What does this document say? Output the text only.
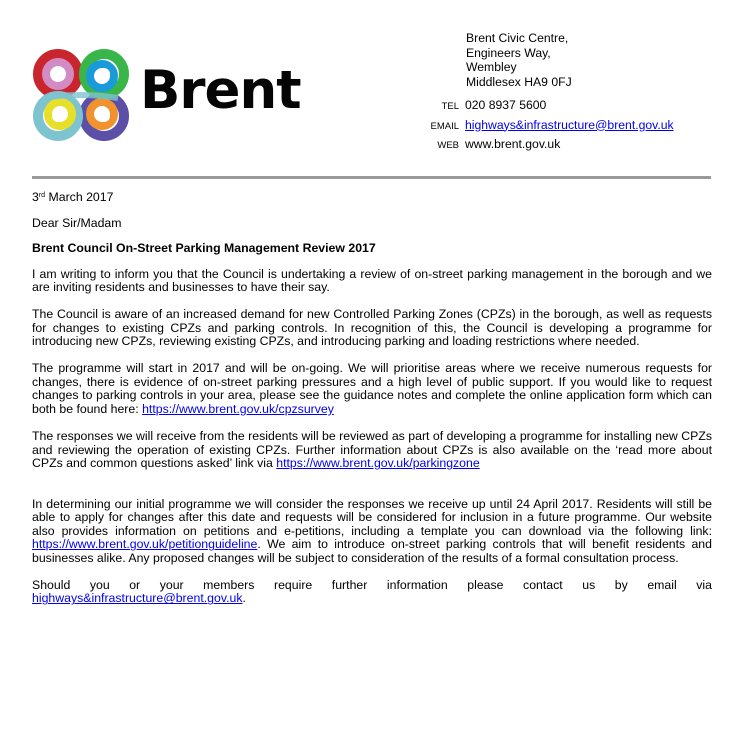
Brent
Brent Civic Centre,
Engineers Way,
Wembley
Middlesex HA9 0FJ
TEL 020 8937 5600
EMAIL highways&infrastructure@brent.gov.uk
WEB www.brent.gov.uk

3rd March 2017

Dear Sir/Madam

Brent Council On-Street Parking Management Review 2017

I am writing to inform you that the Council is undertaking a review of on-street parking management in the borough and we are inviting residents and businesses to have their say.

The Council is aware of an increased demand for new Controlled Parking Zones (CPZs) in the borough, as well as requests for changes to existing CPZs and parking controls. In recognition of this, the Council is developing a programme for introducing new CPZs, reviewing existing CPZs, and introducing parking and loading restrictions where needed.

The programme will start in 2017 and will be on-going. We will prioritise areas where we receive numerous requests for changes, there is evidence of on-street parking pressures and a high level of public support. If you would like to request changes to parking controls in your area, please see the guidance notes and complete the online application form which can both be found here: https://www.brent.gov.uk/cpzsurvey

The responses we will receive from the residents will be reviewed as part of developing a programme for installing new CPZs and reviewing the operation of existing CPZs. Further information about CPZs is also available on the ‘read more about CPZs and common questions asked’ link via https://www.brent.gov.uk/parkingzone

In determining our initial programme we will consider the responses we receive up until 24 April 2017. Residents will still be able to apply for changes after this date and requests will be considered for inclusion in a future programme. Our website also provides information on petitions and e-petitions, including a template you can download via the following link: https://www.brent.gov.uk/petitionguideline. We aim to introduce on-street parking controls that will benefit residents and businesses alike. Any proposed changes will be subject to consideration of the results of a formal consultation process.

Should you or your members require further information please contact us by email via highways&infrastructure@brent.gov.uk.
